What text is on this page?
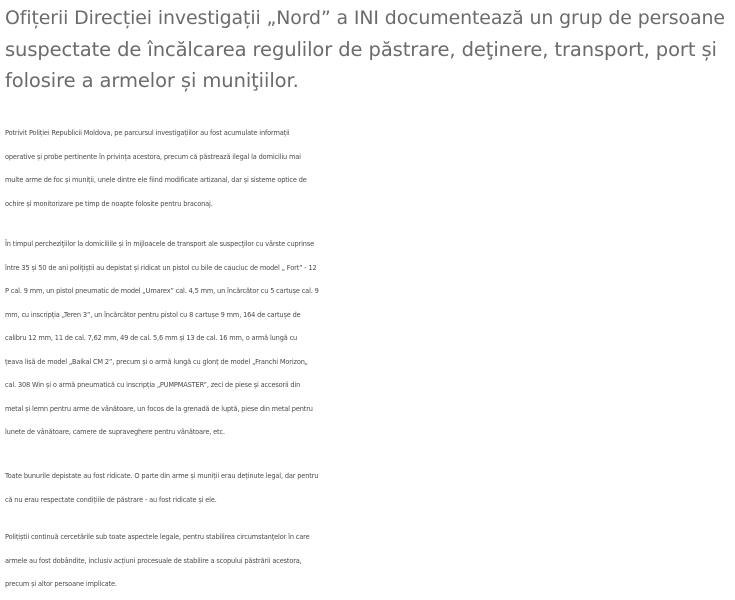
Ofițerii Direcției investigații „Nord” a INI documentează un grup de persoane
suspectate de încălcarea regulilor de păstrare, deţinere, transport, port și
folosire a armelor și muniţiilor.

Potrivit Poliției Republicii Moldova, pe parcursul investigațiilor au fost acumulate informații
operative și probe pertinente în privința acestora, precum că păstrează ilegal la domiciliu mai
multe arme de foc și muniții, unele dintre ele fiind modificate artizanal, dar și sisteme optice de
ochire și monitorizare pe timp de noapte folosite pentru braconaj.

În timpul percheziţiilor la domiciliile și în mijloacele de transport ale suspecţilor cu vârste cuprinse
între 35 și 50 de ani poliţiștii au depistat și ridicat un pistol cu bile de cauciuc de model „ Fort” - 12
P cal. 9 mm, un pistol pneumatic de model „Umarex” cal. 4,5 mm, un încărcător cu 5 cartușe cal. 9
mm, cu inscripția „Teren 3”, un încărcător pentru pistol cu 8 cartușe 9 mm, 164 de cartușe de
calibru 12 mm, 11 de cal. 7,62 mm, 49 de cal. 5,6 mm și 13 de cal. 16 mm, o armă lungă cu
țeava lisă de model „Baikal CM 2”, precum și o armă lungă cu glonț de model „Franchi Morizon„
cal. 308 Win și o armă pneumatică cu inscripția „PUMPMASTER”, zeci de piese și accesorii din
metal și lemn pentru arme de vânătoare, un focos de la grenadă de luptă, piese din metal pentru
lunete de vânătoare, camere de supraveghere pentru vânătoare, etc.

Toate bunurile depistate au fost ridicate. O parte din arme și muniții erau deținute legal, dar pentru
că nu erau respectate condițiile de păstrare - au fost ridicate și ele.

Polițiștii continuă cercetările sub toate aspectele legale, pentru stabilirea circumstanţelor în care
armele au fost dobândite, inclusiv acțiuni procesuale de stabilire a scopului păstrării acestora,
precum și altor persoane implicate.
